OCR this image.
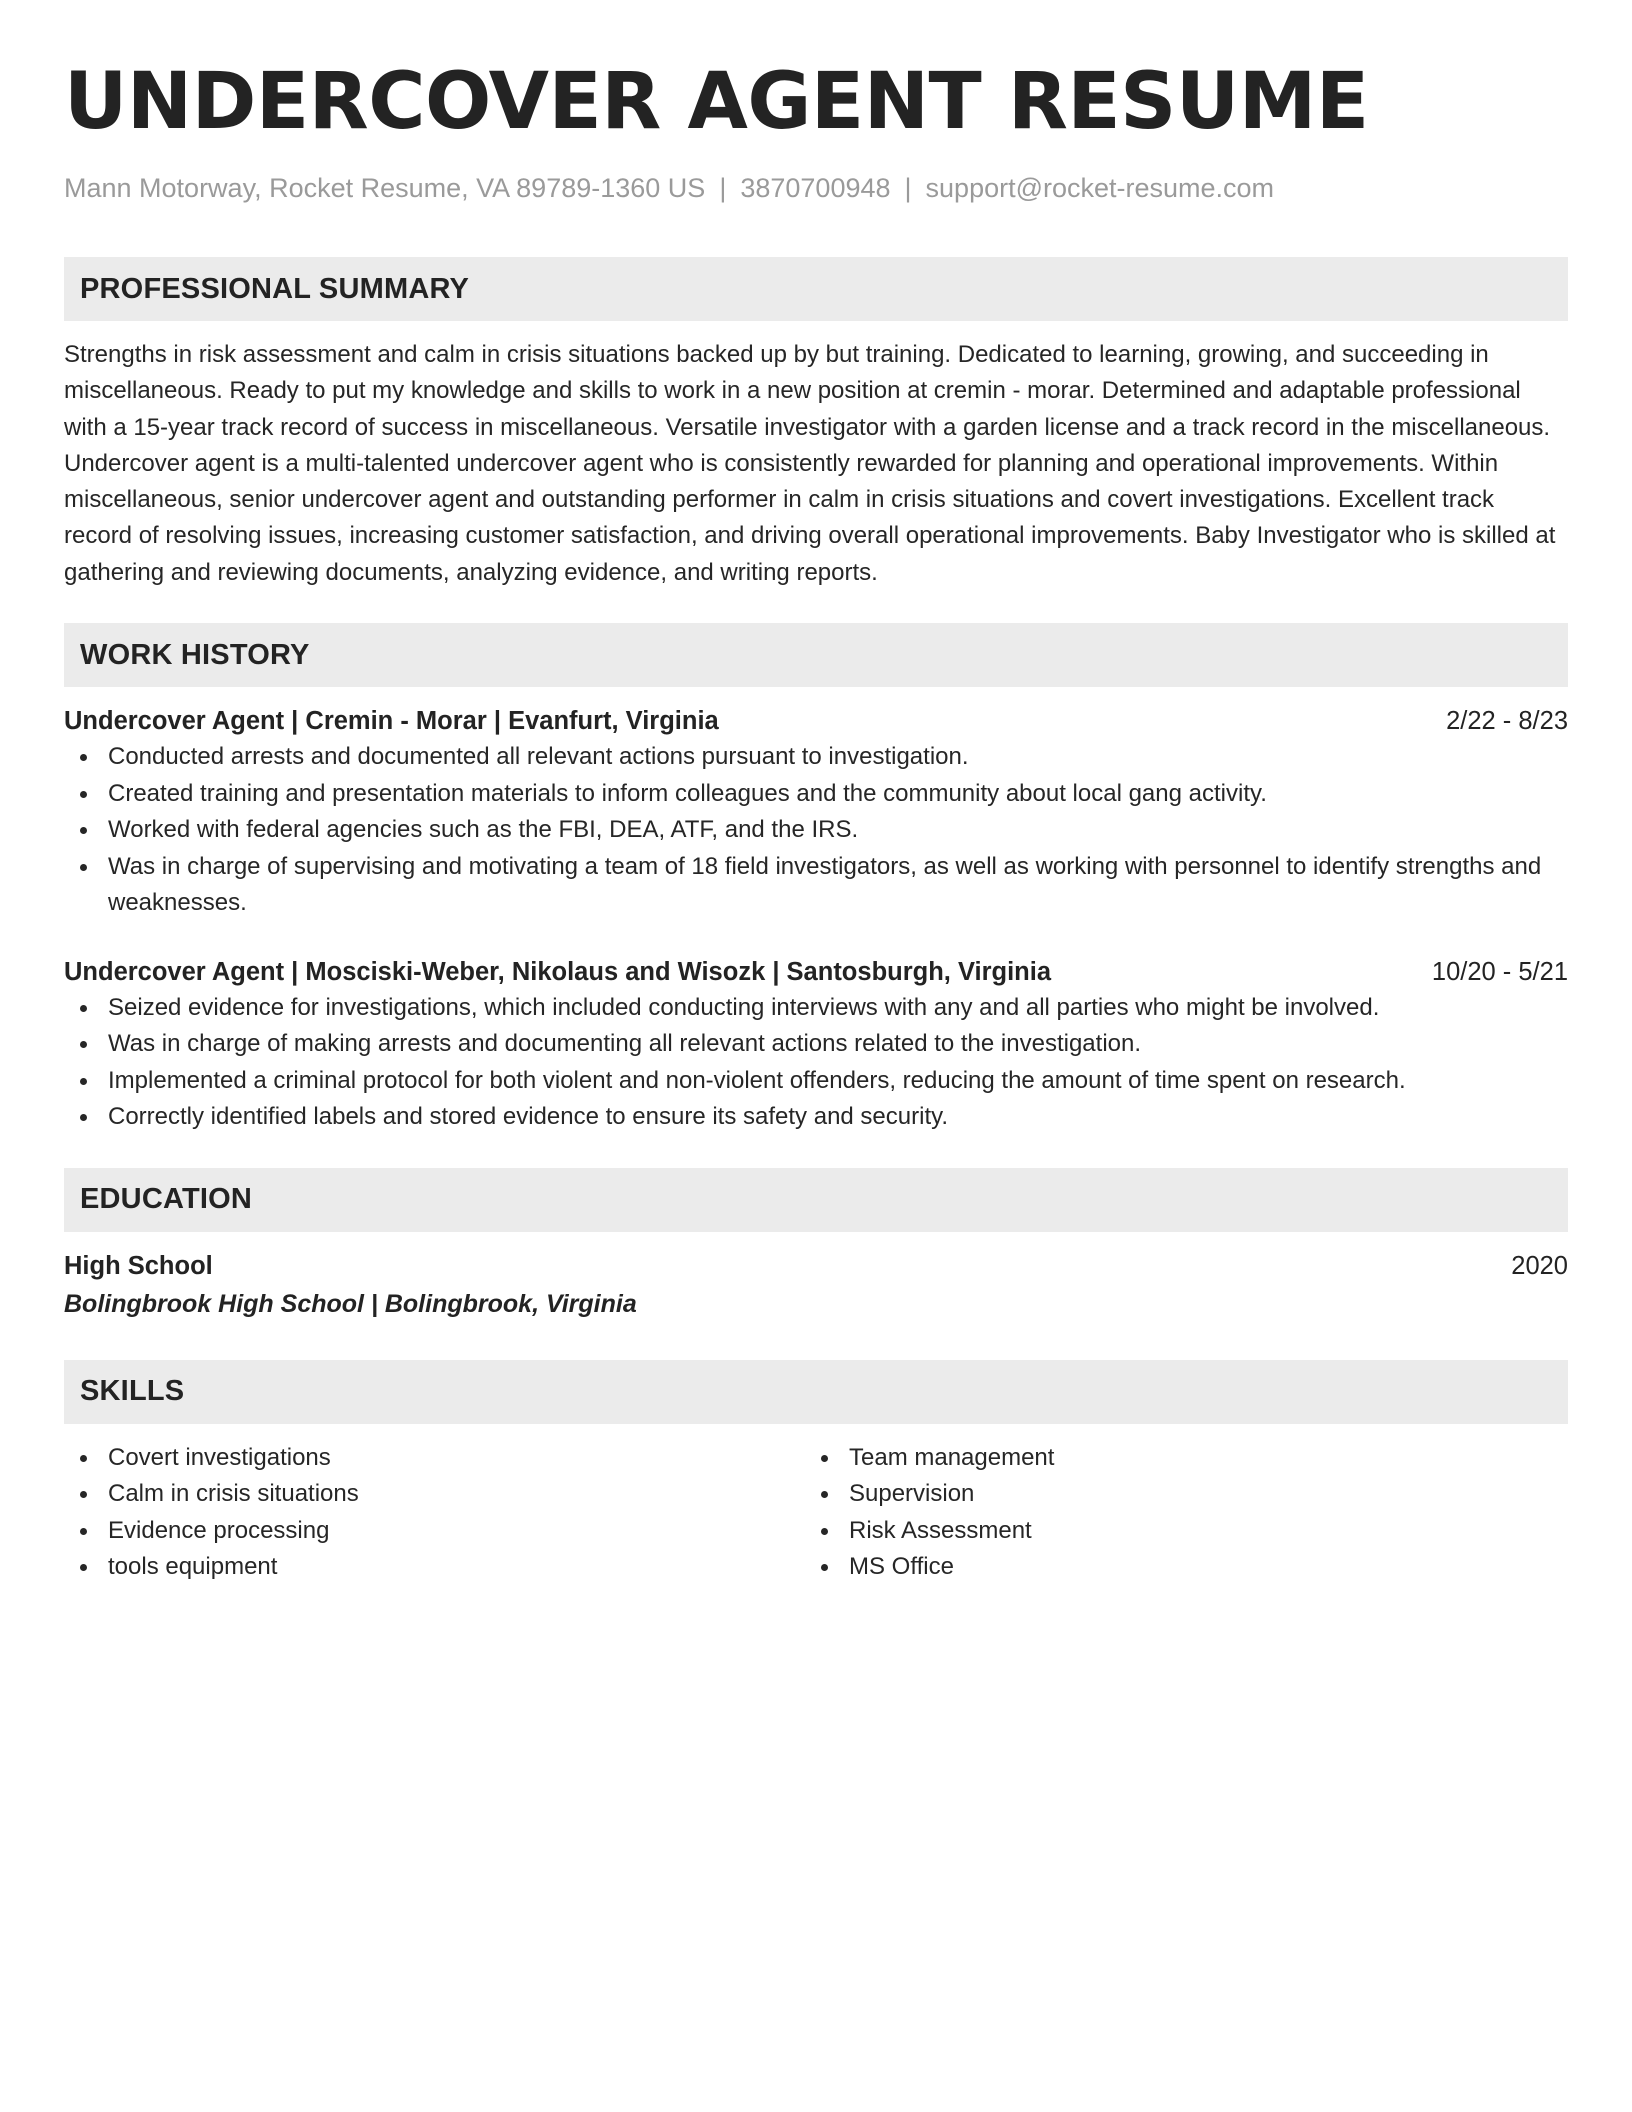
UNDERCOVER AGENT RESUME
Mann Motorway, Rocket Resume, VA 89789-1360 US | 3870700948 | support@rocket-resume.com
PROFESSIONAL SUMMARY
Strengths in risk assessment and calm in crisis situations backed up by but training. Dedicated to learning, growing, and succeeding in miscellaneous. Ready to put my knowledge and skills to work in a new position at cremin - morar. Determined and adaptable professional with a 15-year track record of success in miscellaneous. Versatile investigator with a garden license and a track record in the miscellaneous. Undercover agent is a multi-talented undercover agent who is consistently rewarded for planning and operational improvements. Within miscellaneous, senior undercover agent and outstanding performer in calm in crisis situations and covert investigations. Excellent track record of resolving issues, increasing customer satisfaction, and driving overall operational improvements. Baby Investigator who is skilled at gathering and reviewing documents, analyzing evidence, and writing reports.
WORK HISTORY
Undercover Agent | Cremin - Morar | Evanfurt, Virginia	2/22 - 8/23
Conducted arrests and documented all relevant actions pursuant to investigation.
Created training and presentation materials to inform colleagues and the community about local gang activity.
Worked with federal agencies such as the FBI, DEA, ATF, and the IRS.
Was in charge of supervising and motivating a team of 18 field investigators, as well as working with personnel to identify strengths and weaknesses.
Undercover Agent | Mosciski-Weber, Nikolaus and Wisozk | Santosburgh, Virginia	10/20 - 5/21
Seized evidence for investigations, which included conducting interviews with any and all parties who might be involved.
Was in charge of making arrests and documenting all relevant actions related to the investigation.
Implemented a criminal protocol for both violent and non-violent offenders, reducing the amount of time spent on research.
Correctly identified labels and stored evidence to ensure its safety and security.
EDUCATION
High School	2020
Bolingbrook High School | Bolingbrook, Virginia
SKILLS
Covert investigations
Calm in crisis situations
Evidence processing
tools equipment
Team management
Supervision
Risk Assessment
MS Office
